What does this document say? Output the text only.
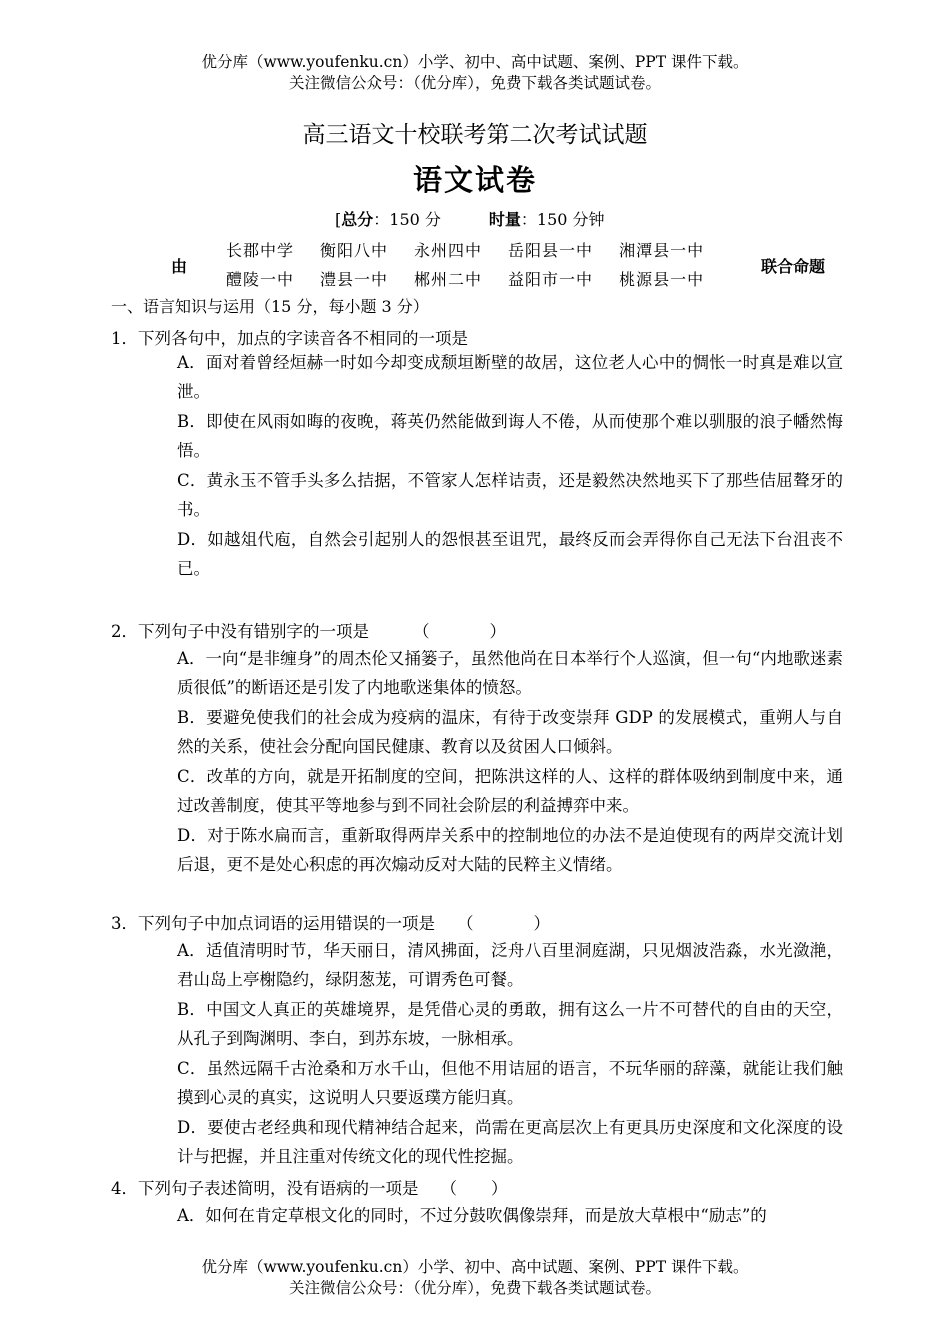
优分库（www.youfenku.cn）小学、初中、高中试题、案例、PPT 课件下载。
关注微信公众号：（优分库），免费下载各类试题试卷。
高三语文十校联考第二次考试试题
语文试卷
[总分：150 分	时量：150 分钟
由
长郡中学 衡阳八中 永州四中 岳阳县一中 湘潭县一中
醴陵一中 澧县一中 郴州二中 益阳市一中 桃源县一中
联合命题
一、语言知识与运用（15 分，每小题 3 分）
1．下列各句中，加点的字读音各不相同的一项是
A．面对着曾经烜赫一时如今却变成颓垣断壁的故居，这位老人心中的惆怅一时真是难以宣泄。
B．即使在风雨如晦的夜晚，蒋英仍然能做到诲人不倦，从而使那个难以驯服的浪子幡然悔悟。
C．黄永玉不管手头多么拮据，不管家人怎样诘责，还是毅然决然地买下了那些佶屈聱牙的书。
D．如越俎代庖，自然会引起别人的怨恨甚至诅咒，最终反而会弄得你自己无法下台沮丧不已。
2．下列句子中没有错别字的一项是	（	）
A．一向“是非缠身”的周杰伦又捅篓子，虽然他尚在日本举行个人巡演，但一句“内地歌迷素质很低”的断语还是引发了内地歌迷集体的愤怒。
B．要避免使我们的社会成为疫病的温床，有待于改变崇拜 GDP 的发展模式，重朔人与自然的关系，使社会分配向国民健康、教育以及贫困人口倾斜。
C．改革的方向，就是开拓制度的空间，把陈洪这样的人、这样的群体吸纳到制度中来，通过改善制度，使其平等地参与到不同社会阶层的利益搏弈中来。
D．对于陈水扁而言，重新取得两岸关系中的控制地位的办法不是迫使现有的两岸交流计划后退，更不是处心积虑的再次煽动反对大陆的民粹主义情绪。
3．下列句子中加点词语的运用错误的一项是 （	）
A．适值清明时节，华天丽日，清风拂面，泛舟八百里洞庭湖，只见烟波浩淼，水光潋滟，君山岛上亭榭隐约，绿阴葱茏，可谓秀色可餐。
B．中国文人真正的英雄境界，是凭借心灵的勇敢，拥有这么一片不可替代的自由的天空，从孔子到陶渊明、李白，到苏东坡，一脉相承。
C．虽然远隔千古沧桑和万水千山，但他不用诘屈的语言，不玩华丽的辞藻，就能让我们触摸到心灵的真实，这说明人只要返璞方能归真。
D．要使古老经典和现代精神结合起来，尚需在更高层次上有更具历史深度和文化深度的设计与把握，并且注重对传统文化的现代性挖掘。
4．下列句子表述简明，没有语病的一项是 （ ）
A．如何在肯定草根文化的同时，不过分鼓吹偶像崇拜，而是放大草根中“励志”的
优分库（www.youfenku.cn）小学、初中、高中试题、案例、PPT 课件下载。
关注微信公众号：（优分库），免费下载各类试题试卷。
